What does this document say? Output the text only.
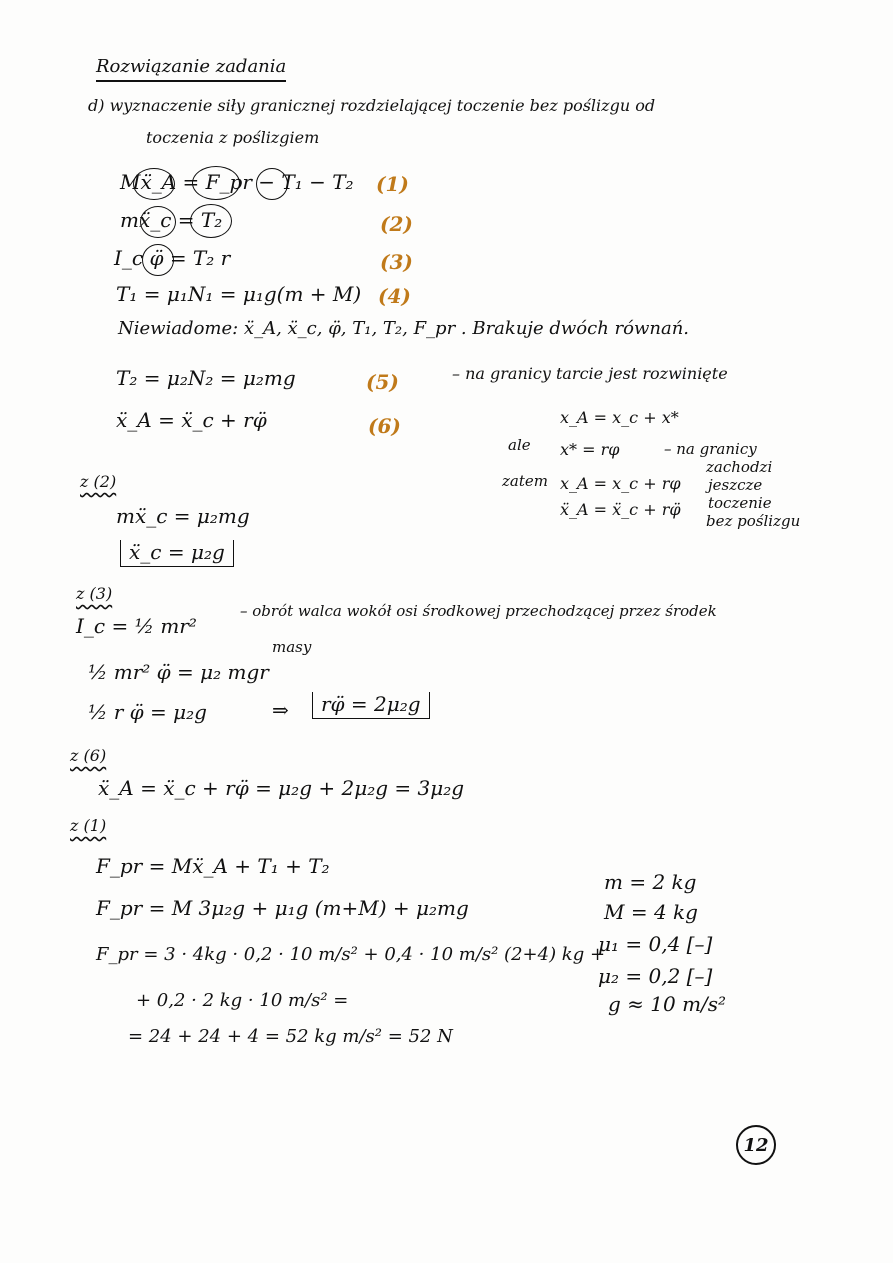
Rozwiązanie zadania
d) wyznaczenie siły granicznej rozdzielającej toczenie bez poślizgu od
toczenia z poślizgiem
Mẍ_A = F_pr − T₁ − T₂ (1)
mẍ_c = T₂	(2)
I_c φ̈ = T₂ r	(3)
T₁ = μ₁N₁ = μ₁g(m + M) (4)
Niewiadome: ẍ_A, ẍ_c, φ̈, T₁, T₂, F_pr . Brakuje dwóch równań.
T₂ = μ₂N₂ = μ₂mg	(5)	– na granicy tarcie jest rozwinięte
ẍ_A = ẍ_c + rφ̈	(6)	x_A = x_c + x*
ale x* = rφ	– na granicy
zachodzi
zatem x_A = x_c + rφ jeszcze
toczenie
ẍ_A = ẍ_c + rφ̈
bez poślizgu
z (2)
mẍ_c = μ₂mg
ẍ_c = μ₂g
z (3)
I_c = ½ mr²
– obrót walca wokół osi środkowej przechodzącej przez środek
masy
½ mr² φ̈ = μ₂ mgr
½ r φ̈ = μ₂g	⇒	rφ̈ = 2μ₂g
z (6)
ẍ_A = ẍ_c + rφ̈ = μ₂g + 2μ₂g = 3μ₂g
z (1)
F_pr = Mẍ_A + T₁ + T₂
F_pr = M 3μ₂g + μ₁g (m+M) + μ₂mg
F_pr = 3 · 4kg · 0,2 · 10 m/s² + 0,4 · 10 m/s² (2+4) kg +
+ 0,2 · 2 kg · 10 m/s² =
= 24 + 24 + 4 = 52 kg m/s² = 52 N
m = 2 kg
M = 4 kg
μ₁ = 0,4 [–]
μ₂ = 0,2 [–]
g ≈ 10 m/s²
12
